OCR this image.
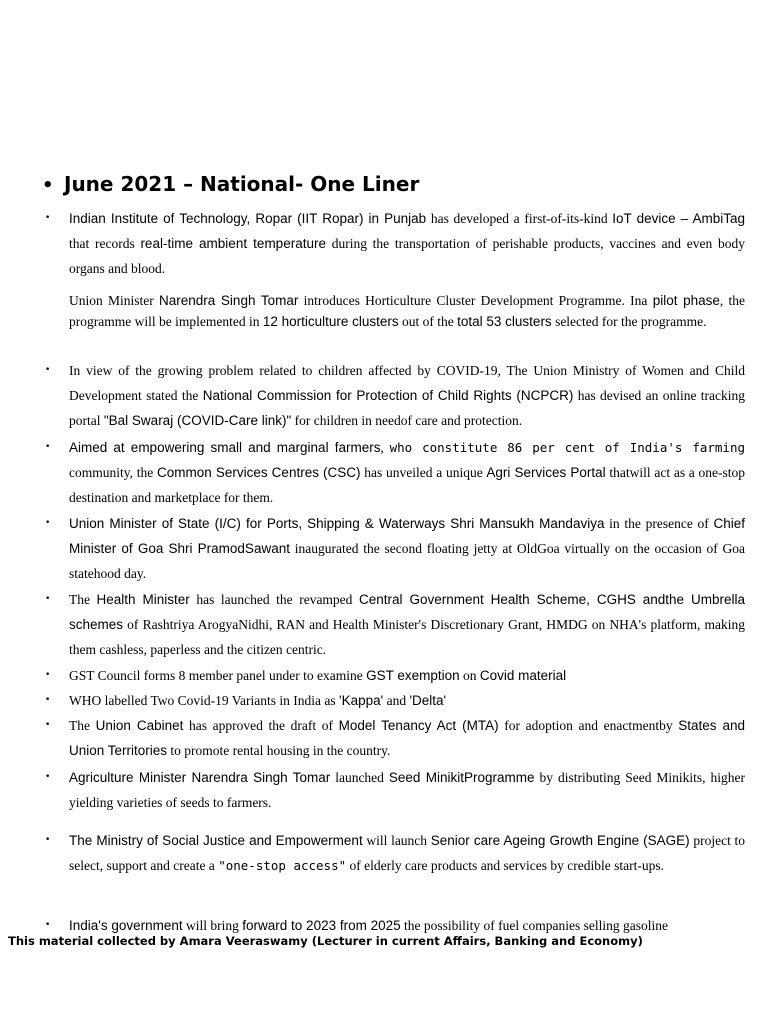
• June 2021 – National- One Liner
• Indian Institute of Technology, Ropar (IIT Ropar) in Punjab has developed a first-of-its-kind IoT device – AmbiTag that records real-time ambient temperature during the transportation of perishable products, vaccines and even body organs and blood.
Union Minister Narendra Singh Tomar introduces Horticulture Cluster Development Programme. Ina pilot phase, the programme will be implemented in 12 horticulture clusters out of the total 53 clusters selected for the programme.
• In view of the growing problem related to children affected by COVID-19, The Union Ministry of Women and Child Development stated the National Commission for Protection of Child Rights (NCPCR) has devised an online tracking portal "Bal Swaraj (COVID-Care link)" for children in needof care and protection.
• Aimed at empowering small and marginal farmers, who constitute 86 per cent of India's farming community, the Common Services Centres (CSC) has unveiled a unique Agri Services Portal thatwill act as a one-stop destination and marketplace for them.
• Union Minister of State (I/C) for Ports, Shipping & Waterways Shri Mansukh Mandaviya in the presence of Chief Minister of Goa Shri PramodSawant inaugurated the second floating jetty at OldGoa virtually on the occasion of Goa statehood day.
• The Health Minister has launched the revamped Central Government Health Scheme, CGHS andthe Umbrella schemes of Rashtriya ArogyaNidhi, RAN and Health Minister's Discretionary Grant, HMDG on NHA's platform, making them cashless, paperless and the citizen centric.
• GST Council forms 8 member panel under to examine GST exemption on Covid material
• WHO labelled Two Covid-19 Variants in India as 'Kappa' and 'Delta'
• The Union Cabinet has approved the draft of Model Tenancy Act (MTA) for adoption and enactmentby States and Union Territories to promote rental housing in the country.
• Agriculture Minister Narendra Singh Tomar launched Seed MinikitProgramme by distributing Seed Minikits, higher yielding varieties of seeds to farmers.
• The Ministry of Social Justice and Empowerment will launch Senior care Ageing Growth Engine (SAGE) project to select, support and create a "one-stop access" of elderly care products and services by credible start-ups.
• India's government will bring forward to 2023 from 2025 the possibility of fuel companies selling gasoline
This material collected by Amara Veeraswamy (Lecturer in current Affairs, Banking and Economy)
